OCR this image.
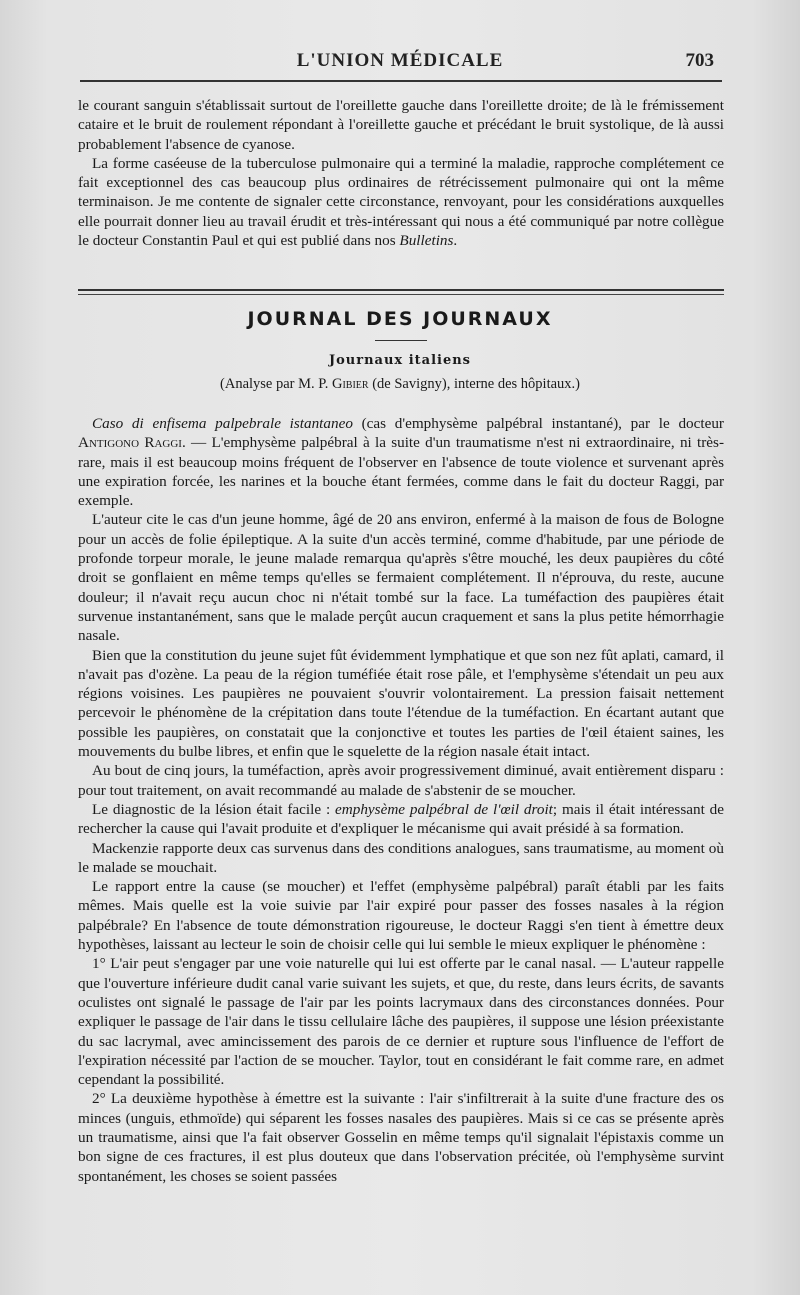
L'UNION MÉDICALE	703

le courant sanguin s'établissait surtout de l'oreillette gauche dans l'oreillette droite; de là le frémissement cataire et le bruit de roulement répondant à l'oreillette gauche et précédant le bruit systolique, de là aussi probablement l'absence de cyanose.

La forme caséeuse de la tuberculose pulmonaire qui a terminé la maladie, rapproche complétement ce fait exceptionnel des cas beaucoup plus ordinaires de rétrécissement pulmonaire qui ont la même terminaison. Je me contente de signaler cette circonstance, renvoyant, pour les considérations auxquelles elle pourrait donner lieu au travail érudit et très-intéressant qui nous a été communiqué par notre collègue le docteur Constantin Paul et qui est publié dans nos Bulletins.

JOURNAL DES JOURNAUX
Journaux italiens
(Analyse par M. P. Gibier (de Savigny), interne des hôpitaux.)

Caso di enfisema palpebrale istantaneo (cas d'emphysème palpébral instantané), par le docteur Antigono Raggi. — L'emphysème palpébral à la suite d'un traumatisme n'est ni extraordinaire, ni très-rare, mais il est beaucoup moins fréquent de l'observer en l'absence de toute violence et survenant après une expiration forcée, les narines et la bouche étant fermées, comme dans le fait du docteur Raggi, par exemple.

L'auteur cite le cas d'un jeune homme, âgé de 20 ans environ, enfermé à la maison de fous de Bologne pour un accès de folie épileptique. A la suite d'un accès terminé, comme d'habitude, par une période de profonde torpeur morale, le jeune malade remarqua qu'après s'être mouché, les deux paupières du côté droit se gonflaient en même temps qu'elles se fermaient complétement. Il n'éprouva, du reste, aucune douleur; il n'avait reçu aucun choc ni n'était tombé sur la face. La tuméfaction des paupières était survenue instantanément, sans que le malade perçût aucun craquement et sans la plus petite hémorrhagie nasale.

Bien que la constitution du jeune sujet fût évidemment lymphatique et que son nez fût aplati, camard, il n'avait pas d'ozène. La peau de la région tuméfiée était rose pâle, et l'emphysème s'étendait un peu aux régions voisines. Les paupières ne pouvaient s'ouvrir volontairement. La pression faisait nettement percevoir le phénomène de la crépitation dans toute l'étendue de la tuméfaction. En écartant autant que possible les paupières, on constatait que la conjonctive et toutes les parties de l'œil étaient saines, les mouvements du bulbe libres, et enfin que le squelette de la région nasale était intact.

Au bout de cinq jours, la tuméfaction, après avoir progressivement diminué, avait entièrement disparu : pour tout traitement, on avait recommandé au malade de s'abstenir de se moucher.

Le diagnostic de la lésion était facile : emphysème palpébral de l'œil droit; mais il était intéressant de rechercher la cause qui l'avait produite et d'expliquer le mécanisme qui avait présidé à sa formation.

Mackenzie rapporte deux cas survenus dans des conditions analogues, sans traumatisme, au moment où le malade se mouchait.

Le rapport entre la cause (se moucher) et l'effet (emphysème palpébral) paraît établi par les faits mêmes. Mais quelle est la voie suivie par l'air expiré pour passer des fosses nasales à la région palpébrale? En l'absence de toute démonstration rigoureuse, le docteur Raggi s'en tient à émettre deux hypothèses, laissant au lecteur le soin de choisir celle qui lui semble le mieux expliquer le phénomène :

1° L'air peut s'engager par une voie naturelle qui lui est offerte par le canal nasal. — L'auteur rappelle que l'ouverture inférieure dudit canal varie suivant les sujets, et que, du reste, dans leurs écrits, de savants oculistes ont signalé le passage de l'air par les points lacrymaux dans des circonstances données. Pour expliquer le passage de l'air dans le tissu cellulaire lâche des paupières, il suppose une lésion préexistante du sac lacrymal, avec amincissement des parois de ce dernier et rupture sous l'influence de l'effort de l'expiration nécessité par l'action de se moucher. Taylor, tout en considérant le fait comme rare, en admet cependant la possibilité.

2° La deuxième hypothèse à émettre est la suivante : l'air s'infiltrerait à la suite d'une fracture des os minces (unguis, ethmoïde) qui séparent les fosses nasales des paupières. Mais si ce cas se présente après un traumatisme, ainsi que l'a fait observer Gosselin en même temps qu'il signalait l'épistaxis comme un bon signe de ces fractures, il est plus douteux que dans l'observation précitée, où l'emphysème survint spontanément, les choses se soient passées
